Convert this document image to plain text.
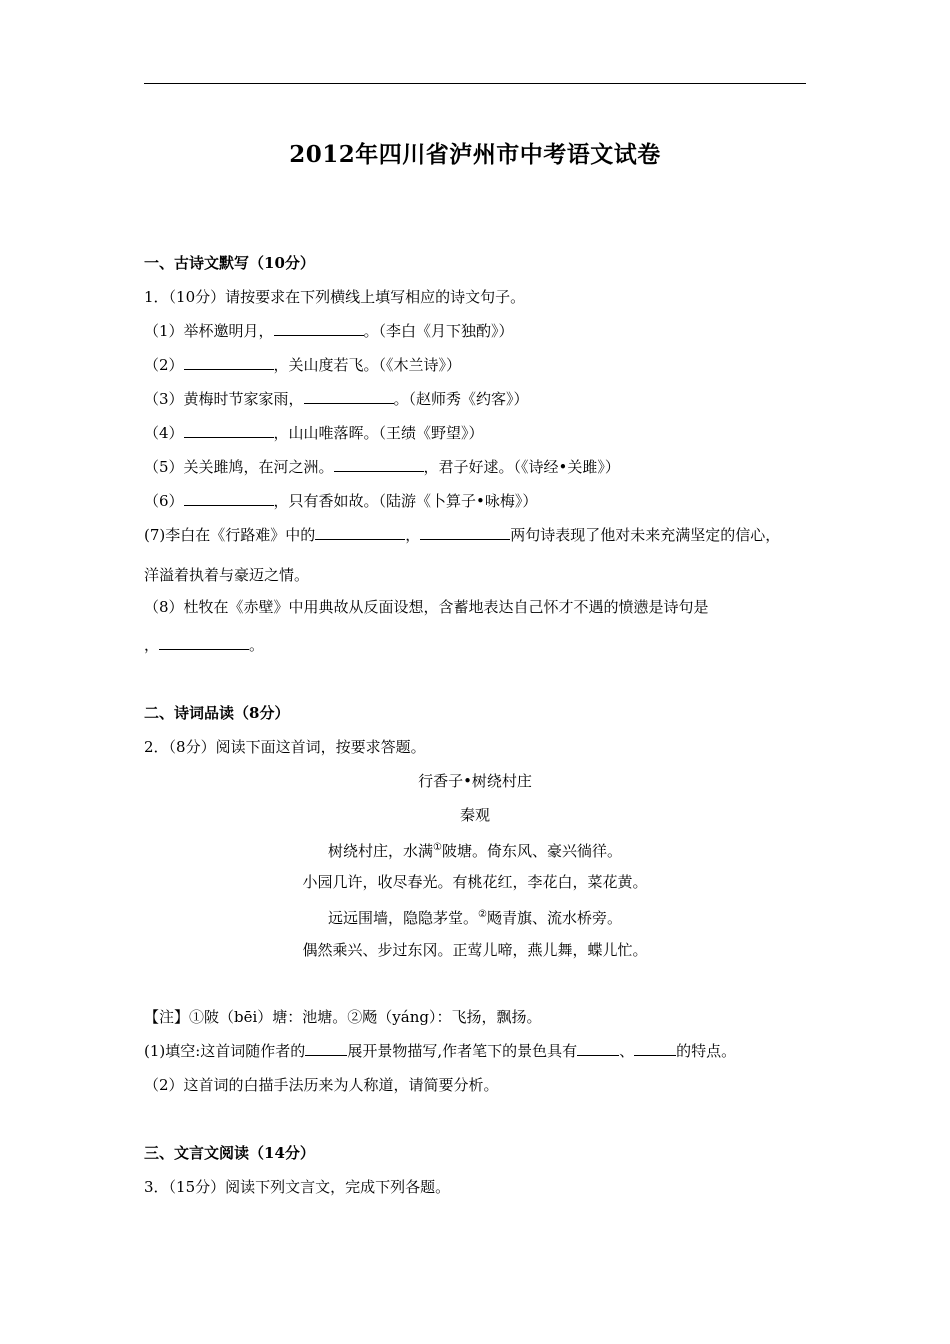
2012年四川省泸州市中考语文试卷
一、古诗文默写（10分）
1．（10分）请按要求在下列横线上填写相应的诗文句子。
（1）举杯邀明月，	。（李白《月下独酌》）
（2）	，关山度若飞。（《木兰诗》）
（3）黄梅时节家家雨，	。（赵师秀《约客》）
（4）	，山山唯落晖。（王绩《野望》）
（5）关关雎鸠，在河之洲。	，君子好逑。（《诗经•关雎》）
（6）	，只有香如故。（陆游《卜算子•咏梅》）
(7)李白在《行路难》中的	，	两句诗表现了他对未来充满坚定的信心，
洋溢着执着与豪迈之情。
（8）杜牧在《赤壁》中用典故从反面设想，含蓄地表达自己怀才不遇的愤懑是诗句是
，	。
二、诗词品读（8分）
2．（8分）阅读下面这首词，按要求答题。
行香子•树绕村庄
秦观
树绕村庄，水满①陂塘。倚东风、豪兴徜徉。
小园几许，收尽春光。有桃花红，李花白，菜花黄。
远远围墙，隐隐茅堂。②飏青旗、流水桥旁。
偶然乘兴、步过东冈。正莺儿啼，燕儿舞，蝶儿忙。
【注】①陂（bēi）塘：池塘。②飏（yáng）：飞扬，飘扬。
(1)填空:这首词随作者的	展开景物描写,作者笔下的景色具有	、	的特点。
（2）这首词的白描手法历来为人称道，请简要分析。
三、文言文阅读（14分）
3．（15分）阅读下列文言文，完成下列各题。
